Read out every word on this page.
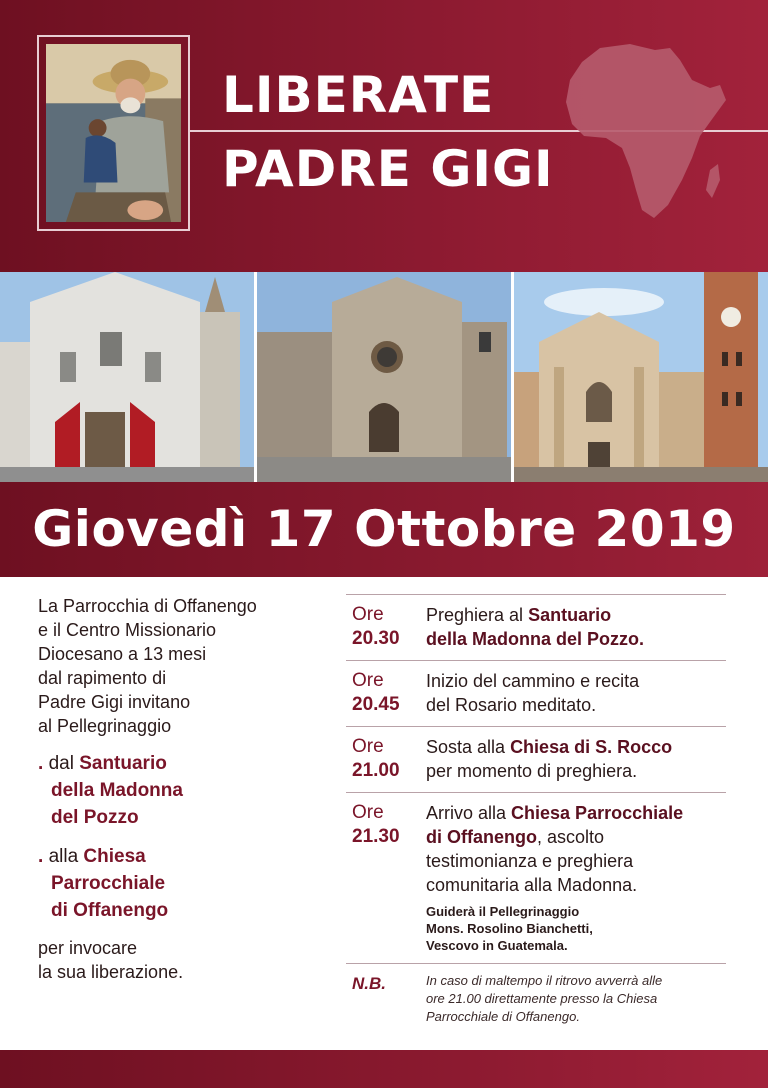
LIBERATE
PADRE GIGI
Giovedì 17 Ottobre 2019
La Parrocchia di Offanengo
e il Centro Missionario
Diocesano a 13 mesi
dal rapimento di
Padre Gigi invitano
al Pellegrinaggio
. dal Santuario
della Madonna
del Pozzo
. alla Chiesa
Parrocchiale
di Offanengo
per invocare
la sua liberazione.
Ore
20.30
Preghiera al Santuario
della Madonna del Pozzo.
Ore
20.45
Inizio del cammino e recita
del Rosario meditato.
Ore
21.00
Sosta alla Chiesa di S. Rocco
per momento di preghiera.
Ore
21.30
Arrivo alla Chiesa Parrocchiale
di Offanengo, ascolto
testimonianza e preghiera
comunitaria alla Madonna.
Guiderà il Pellegrinaggio
Mons. Rosolino Bianchetti,
Vescovo in Guatemala.
N.B.	In caso di maltempo il ritrovo avverrà alle
ore 21.00 direttamente presso la Chiesa
Parrocchiale di Offanengo.
